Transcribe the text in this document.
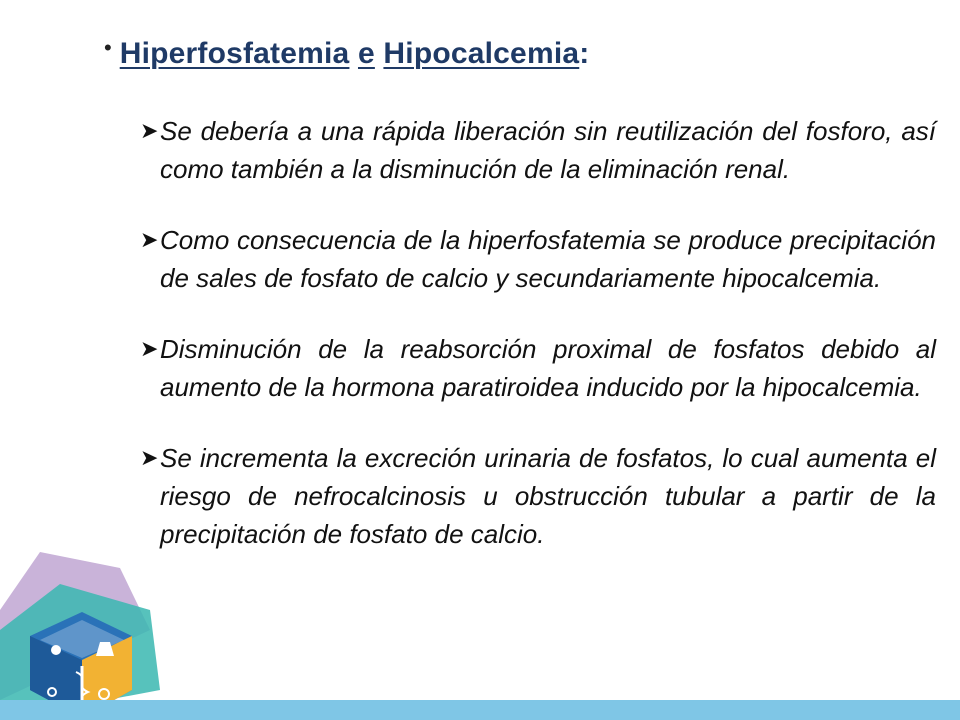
• Hiperfosfatemia e Hipocalcemia:
➤ Se debería a una rápida liberación sin reutilización del fosforo, así como también a la disminución de la eliminación renal.
➤ Como consecuencia de la hiperfosfatemia se produce precipitación de sales de fosfato de calcio y secundariamente hipocalcemia.
➤ Disminución de la reabsorción proximal de fosfatos debido al aumento de la hormona paratiroidea inducido por la hipocalcemia.
➤ Se incrementa la excreción urinaria de fosfatos, lo cual aumenta el riesgo de nefrocalcinosis u obstrucción tubular a partir de la precipitación de fosfato de calcio.
